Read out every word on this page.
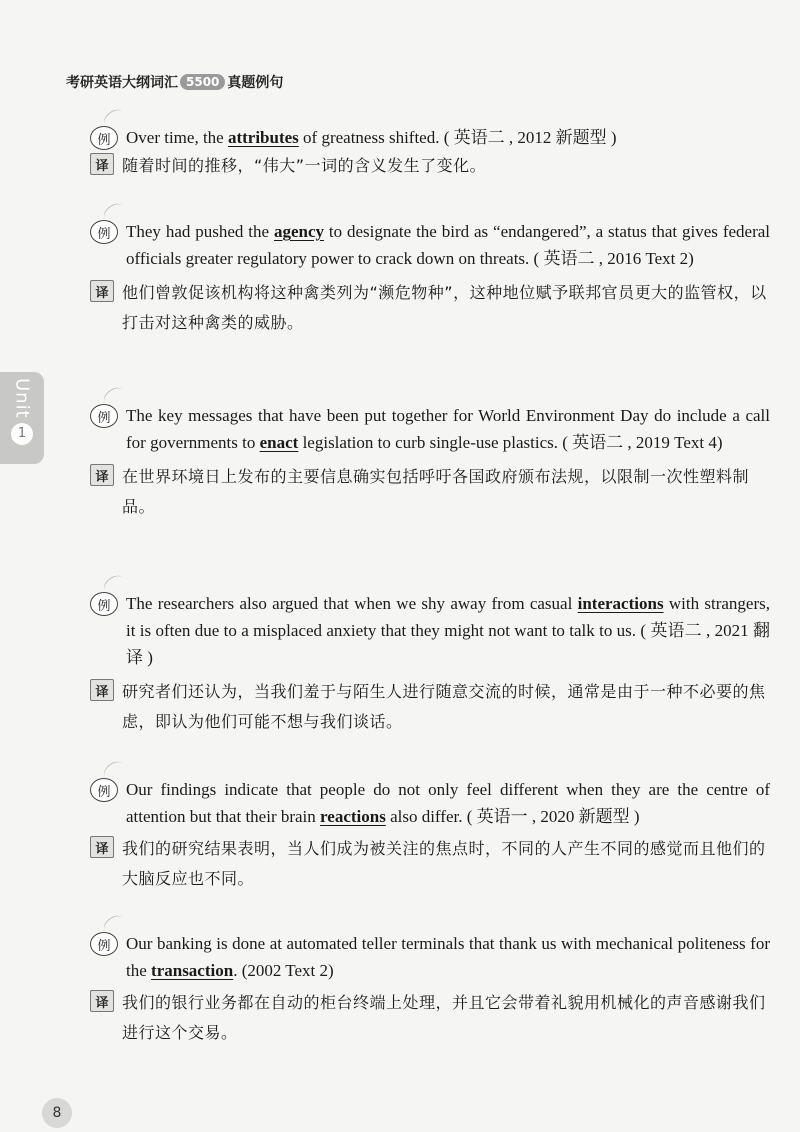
考研英语大纲词汇 5500 真题例句
Unit
1
例 Over time, the attributes of greatness shifted. ( 英语二 , 2012 新题型 )
译 随着时间的推移，“伟大”一词的含义发生了变化。
例 They had pushed the agency to designate the bird as “endangered”, a status that gives federal officials greater regulatory power to crack down on threats. ( 英语二 , 2016 Text 2)
译 他们曾敦促该机构将这种禽类列为“濒危物种”，这种地位赋予联邦官员更大的监管权，以打击对这种禽类的威胁。
例 The key messages that have been put together for World Environment Day do include a call for governments to enact legislation to curb single-use plastics. ( 英语二 , 2019 Text 4)
译 在世界环境日上发布的主要信息确实包括呼吁各国政府颁布法规，以限制一次性塑料制品。
例 The researchers also argued that when we shy away from casual interactions with strangers, it is often due to a misplaced anxiety that they might not want to talk to us. ( 英语二 , 2021 翻译 )
译 研究者们还认为，当我们羞于与陌生人进行随意交流的时候，通常是由于一种不必要的焦虑，即认为他们可能不想与我们谈话。
例 Our findings indicate that people do not only feel different when they are the centre of attention but that their brain reactions also differ. ( 英语一 , 2020 新题型 )
译 我们的研究结果表明，当人们成为被关注的焦点时，不同的人产生不同的感觉而且他们的大脑反应也不同。
例 Our banking is done at automated teller terminals that thank us with mechanical politeness for the transaction. (2002 Text 2)
译 我们的银行业务都在自动的柜台终端上处理，并且它会带着礼貌用机械化的声音感谢我们进行这个交易。
8
